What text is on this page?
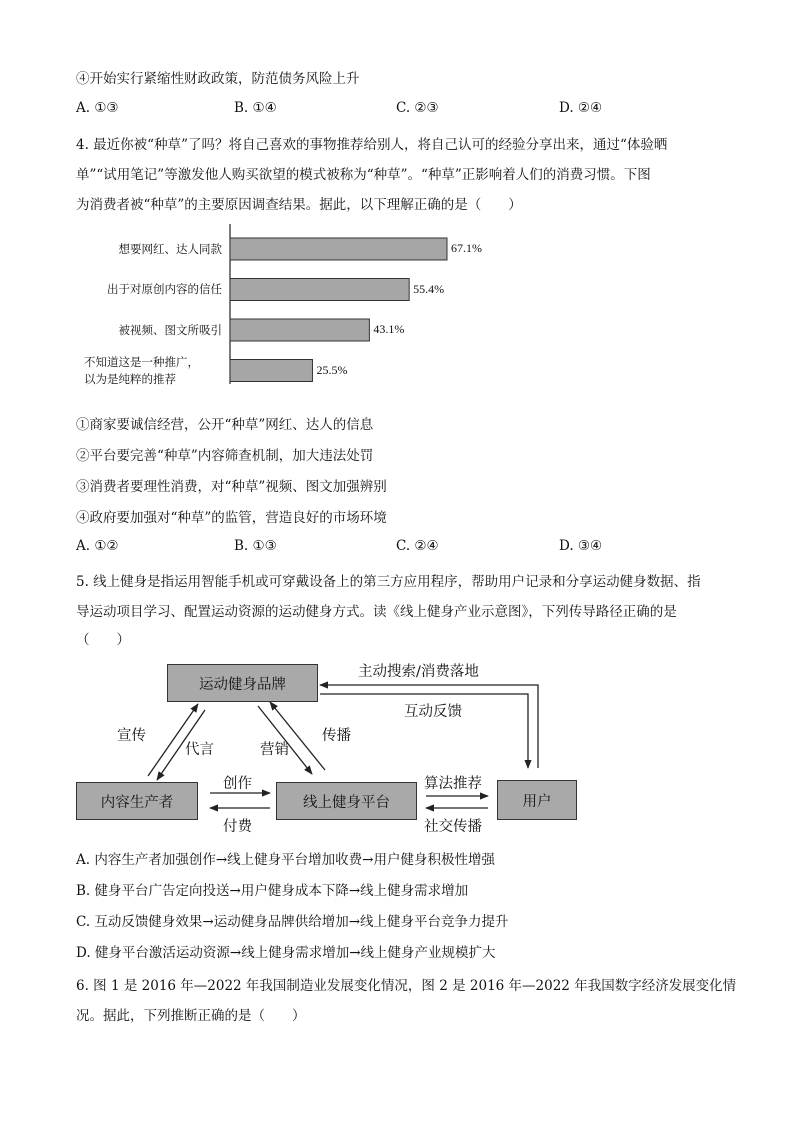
④开始实行紧缩性财政政策，防范债务风险上升
A. ①③	B. ①④	C. ②③	D. ②④
4. 最近你被“种草”了吗？将自己喜欢的事物推荐给别人，将自己认可的经验分享出来，通过“体验晒
单”“试用笔记”等激发他人购买欲望的模式被称为“种草”。“种草”正影响着人们的消费习惯。下图
为消费者被“种草”的主要原因调查结果。据此，以下理解正确的是（　　）
67.1%
想要网红、达人同款
55.4%
出于对原创内容的信任
43.1%
被视频、图文所吸引
25.5%
不知道这是一种推广，
以为是纯粹的推荐
①商家要诚信经营，公开“种草”网红、达人的信息
②平台要完善“种草”内容筛查机制，加大违法处罚
③消费者要理性消费，对“种草”视频、图文加强辨别
④政府要加强对“种草”的监管，营造良好的市场环境
A. ①②	B. ①③	C. ②④	D. ③④
5. 线上健身是指运用智能手机或可穿戴设备上的第三方应用程序，帮助用户记录和分享运动健身数据、指
导运动项目学习、配置运动资源的运动健身方式。读《线上健身产业示意图》，下列传导路径正确的是
（　　）
运动健身品牌
内容生产者	线上健身平台	用户
主动搜索/消费落地
互动反馈
宣传
代言	营销
传播
创作
付费
算法推荐
社交传播
A. 内容生产者加强创作→线上健身平台增加收费→用户健身积极性增强
B. 健身平台广告定向投送→用户健身成本下降→线上健身需求增加
C. 互动反馈健身效果→运动健身品牌供给增加→线上健身平台竞争力提升
D. 健身平台激活运动资源→线上健身需求增加→线上健身产业规模扩大
6. 图 1 是 2016 年—2022 年我国制造业发展变化情况，图 2 是 2016 年—2022 年我国数字经济发展变化情
况。据此，下列推断正确的是（　　）
